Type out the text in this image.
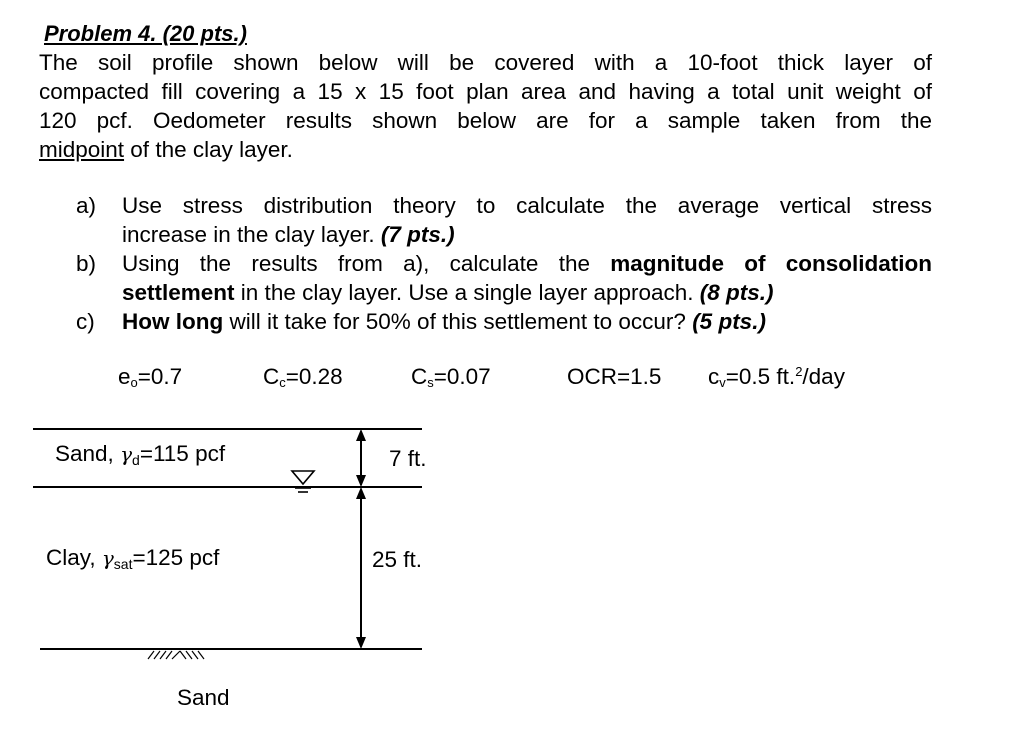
Problem 4. (20 pts.)
The soil profile shown below will be covered with a 10-foot thick layer of
compacted fill covering a 15 x 15 foot plan area and having a total unit weight of
120 pcf. Oedometer results shown below are for a sample taken from the
midpoint of the clay layer.
a) Use stress distribution theory to calculate the average vertical stress
increase in the clay layer. (7 pts.)
b) Using the results from a), calculate the magnitude of consolidation
settlement in the clay layer. Use a single layer approach. (8 pts.)
c) How long will it take for 50% of this settlement to occur? (5 pts.)
$e_o=0.7$	$C_c=0.28$	$C_s=0.07$	OCR=1.5 $c_v=0.5$ ft.$^2$/day
Sand, $\gamma_d=115$ pcf
Clay, $\gamma_{sat}=125$ pcf
Sand
7 ft.
25 ft.
